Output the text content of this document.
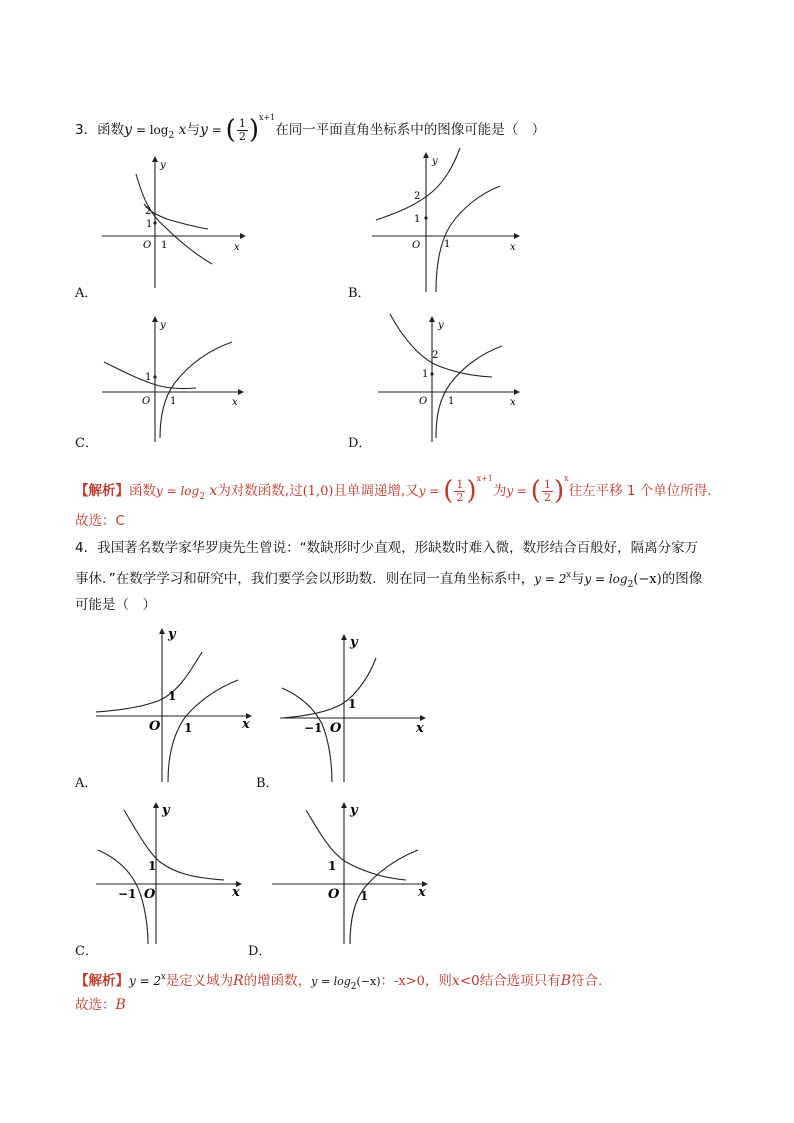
3．函数$y = \log_2 x$与y = ( $\frac{1}{2} )^{x+1}$在同一平面直角坐标系中的图像可能是（　）
y
x
O
2
1
1
A．
y
x
O
2
1
1
B．
y
x
O
1
1
C．
y
x
O
2
1
1
D．
【解析】函数$y = \log_2 x$为对数函数,过(1,0)且单调递增,又y = ( $\frac{1}{2} )^{x+1}$为y = ( $\frac{1}{2} )^x$往左平移 1 个单位所得.
故选：C
4．我国著名数学家华罗庚先生曾说：“数缺形时少直观，形缺数时难入微，数形结合百般好，隔离分家万
事休．”在数学学习和研究中，我们要学会以形助数．则在同一直角坐标系中，$y = 2^x$与$y = \log_2(-x)$的图像
可能是（　）
y
x
O
1
1
A．
y
x
O
1
−1
B．
y
x
O
1
−1
C．
y
x
O
1
1
D．
【解析】$y = 2^x$是定义域为R的增函数，$y = \log_2(-x)$：-x>0，则x<0结合选项只有B符合.
故选：B
